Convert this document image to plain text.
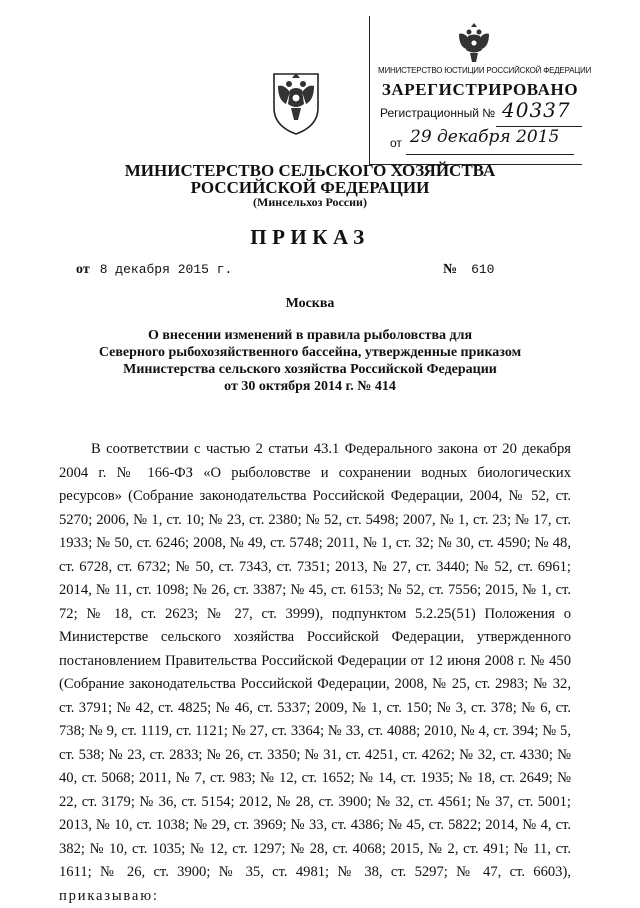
МИНИСТЕРСТВО ЮСТИЦИИ РОССИЙСКОЙ ФЕДЕРАЦИИ
ЗАРЕГИСТРИРОВАНО
Регистрационный № 40337
от 29 декабря 2015
МИНИСТЕРСТВО СЕЛЬСКОГО ХОЗЯЙСТВА
РОССИЙСКОЙ ФЕДЕРАЦИИ
(Минсельхоз России)
ПРИКАЗ
от 8 декабря 2015 г.	№ 610
Москва
О внесении изменений в правила рыболовства для
Северного рыбохозяйственного бассейна, утвержденные приказом
Министерства сельского хозяйства Российской Федерации
от 30 октября 2014 г. № 414

В соответствии с частью 2 статьи 43.1 Федерального закона от 20 декабря 2004 г. № 166-ФЗ «О рыболовстве и сохранении водных биологических ресурсов» (Собрание законодательства Российской Федерации, 2004, № 52, ст. 5270; 2006, № 1, ст. 10; № 23, ст. 2380; № 52, ст. 5498; 2007, № 1, ст. 23; № 17, ст. 1933; № 50, ст. 6246; 2008, № 49, ст. 5748; 2011, № 1, ст. 32; № 30, ст. 4590; № 48, ст. 6728, ст. 6732; № 50, ст. 7343, ст. 7351; 2013, № 27, ст. 3440; № 52, ст. 6961; 2014, № 11, ст. 1098; № 26, ст. 3387; № 45, ст. 6153; № 52, ст. 7556; 2015, № 1, ст. 72; № 18, ст. 2623; № 27, ст. 3999), подпунктом 5.2.25(51) Положения о Министерстве сельского хозяйства Российской Федерации, утвержденного постановлением Правительства Российской Федерации от 12 июня 2008 г. № 450 (Собрание законодательства Российской Федерации, 2008, № 25, ст. 2983; № 32, ст. 3791; № 42, ст. 4825; № 46, ст. 5337; 2009, № 1, ст. 150; № 3, ст. 378; № 6, ст. 738; № 9, ст. 1119, ст. 1121; № 27, ст. 3364; № 33, ст. 4088; 2010, № 4, ст. 394; № 5, ст. 538; № 23, ст. 2833; № 26, ст. 3350; № 31, ст. 4251, ст. 4262; № 32, ст. 4330; № 40, ст. 5068; 2011, № 7, ст. 983; № 12, ст. 1652; № 14, ст. 1935; № 18, ст. 2649; № 22, ст. 3179; № 36, ст. 5154; 2012, № 28, ст. 3900; № 32, ст. 4561; № 37, ст. 5001; 2013, № 10, ст. 1038; № 29, ст. 3969; № 33, ст. 4386; № 45, ст. 5822; 2014, № 4, ст. 382; № 10, ст. 1035; № 12, ст. 1297; № 28, ст. 4068; 2015, № 2, ст. 491; № 11, ст. 1611; № 26, ст. 3900; № 35, ст. 4981; № 38, ст. 5297; № 47, ст. 6603), приказываю:
